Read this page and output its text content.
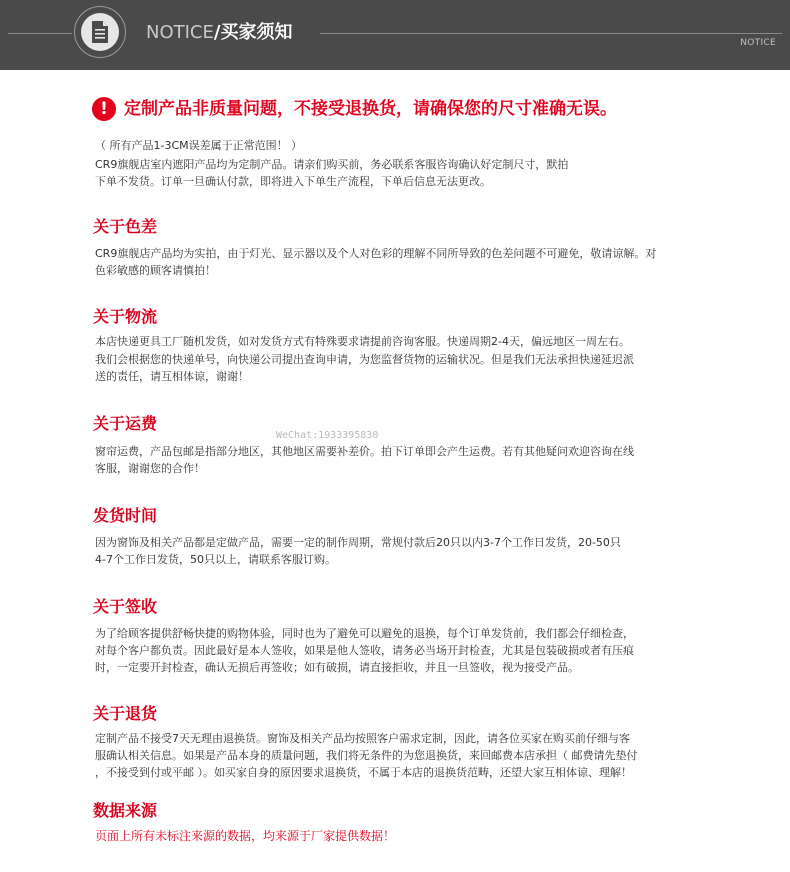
NOTICE/买家须知	NOTICE
! 定制产品非质量问题，不接受退换货，请确保您的尺寸准确无误。
（ 所有产品1-3CM误差属于正常范围！ ）
CR9旗舰店室内遮阳产品均为定制产品。请亲们购买前，务必联系客服咨询确认好定制尺寸，默拍
下单不发货。订单一旦确认付款，即将进入下单生产流程，下单后信息无法更改。
关于色差
CR9旗舰店产品均为实拍，由于灯光、显示器以及个人对色彩的理解不同所导致的色差问题不可避免，敬请谅解。对
色彩敏感的顾客请慎拍！
关于物流
本店快递更具工厂随机发货，如对发货方式有特殊要求请提前咨询客服。快递周期2-4天，偏远地区一周左右。
我们会根据您的快递单号，向快递公司提出查询申请，为您监督货物的运输状况。但是我们无法承担快递延迟派
送的责任，请互相体谅，谢谢！
关于运费
WeChat:1933395830
窗帘运费，产品包邮是指部分地区，其他地区需要补差价。拍下订单即会产生运费。若有其他疑问欢迎咨询在线
客服，谢谢您的合作！
发货时间
因为窗饰及相关产品都是定做产品，需要一定的制作周期，常规付款后20只以内3-7个工作日发货，20-50只
4-7个工作日发货，50只以上，请联系客服订购。
关于签收
为了给顾客提供舒畅快捷的购物体验，同时也为了避免可以避免的退换，每个订单发货前，我们都会仔细检查，
对每个客户都负责。因此最好是本人签收，如果是他人签收，请务必当场开封检查，尤其是包装破损或者有压痕
时，一定要开封检查，确认无损后再签收；如有破损，请直接拒收，并且一旦签收，视为接受产品。
关于退货
定制产品不接受7天无理由退换货。窗饰及相关产品均按照客户需求定制，因此，请各位买家在购买前仔细与客
服确认相关信息。如果是产品本身的质量问题，我们将无条件的为您退换货，来回邮费本店承担（ 邮费请先垫付
，不接受到付或平邮 ）。如买家自身的原因要求退换货，不属于本店的退换货范畴，还望大家互相体谅、理解！
数据来源
页面上所有未标注来源的数据，均来源于厂家提供数据！
